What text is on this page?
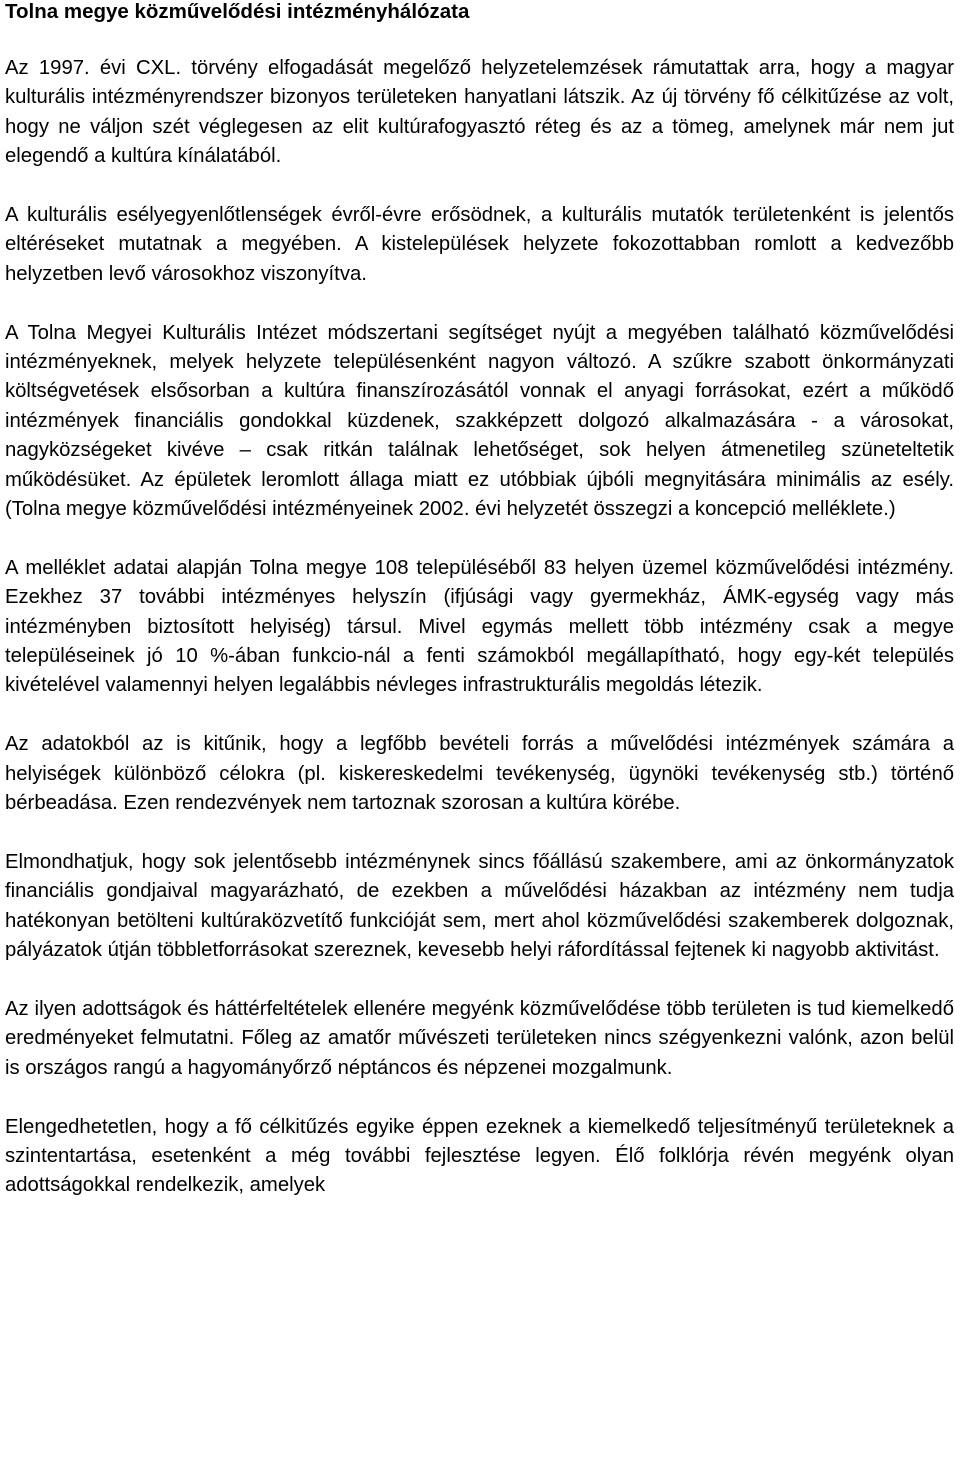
Tolna megye közművelődési intézményhálózata

Az 1997. évi CXL. törvény elfogadását megelőző helyzetelemzések rámutattak arra, hogy a magyar kulturális intézményrendszer bizonyos területeken hanyatlani látszik. Az új törvény fő célkitűzése az volt, hogy ne váljon szét véglegesen az elit kultúrafogyasztó réteg és az a tömeg, amelynek már nem jut elegendő a kultúra kínálatából.

A kulturális esélyegyenlőtlenségek évről-évre erősödnek, a kulturális mutatók területenként is jelentős eltéréseket mutatnak a megyében. A kistelepülések helyzete fokozottabban romlott a kedvezőbb helyzetben levő városokhoz viszonyítva.

A Tolna Megyei Kulturális Intézet módszertani segítséget nyújt a megyében található közművelődési intézményeknek, melyek helyzete településenként nagyon változó. A szűkre szabott önkormányzati költségvetések elsősorban a kultúra finanszírozásától vonnak el anyagi forrásokat, ezért a működő intézmények financiális gondokkal küzdenek, szakképzett dolgozó alkalmazására - a városokat, nagyközségeket kivéve – csak ritkán találnak lehetőséget, sok helyen átmenetileg szüneteltetik működésüket. Az épületek leromlott állaga miatt ez utóbbiak újbóli megnyitására minimális az esély. (Tolna megye közművelődési intézményeinek 2002. évi helyzetét összegzi a koncepció melléklete.)

A melléklet adatai alapján Tolna megye 108 településéből 83 helyen üzemel közművelődési intézmény. Ezekhez 37 további intézményes helyszín (ifjúsági vagy gyermekház, ÁMK-egység vagy más intézményben biztosított helyiség) társul. Mivel egymás mellett több intézmény csak a megye településeinek jó 10 %-ában funkcio-nál a fenti számokból megállapítható, hogy egy-két település kivételével valamennyi helyen legalábbis névleges infrastrukturális megoldás létezik.

Az adatokból az is kitűnik, hogy a legfőbb bevételi forrás a művelődési intézmények számára a helyiségek különböző célokra (pl. kiskereskedelmi tevékenység, ügynöki tevékenység stb.) történő bérbeadása. Ezen rendezvények nem tartoznak szorosan a kultúra körébe.

Elmondhatjuk, hogy sok jelentősebb intézménynek sincs főállású szakembere, ami az önkormányzatok financiális gondjaival magyarázható, de ezekben a művelődési házakban az intézmény nem tudja hatékonyan betölteni kultúraközvetítő funkcióját sem, mert ahol közművelődési szakemberek dolgoznak, pályázatok útján többletforrásokat szereznek, kevesebb helyi ráfordítással fejtenek ki nagyobb aktivitást.

Az ilyen adottságok és háttérfeltételek ellenére megyénk közművelődése több területen is tud kiemelkedő eredményeket felmutatni. Főleg az amatőr művészeti területeken nincs szégyenkezni valónk, azon belül is országos rangú a hagyományőrző néptáncos és népzenei mozgalmunk.

Elengedhetetlen, hogy a fő célkitűzés egyike éppen ezeknek a kiemelkedő teljesítményű területeknek a szintentartása, esetenként a még további fejlesztése legyen. Élő folklórja révén megyénk olyan adottságokkal rendelkezik, amelyek
